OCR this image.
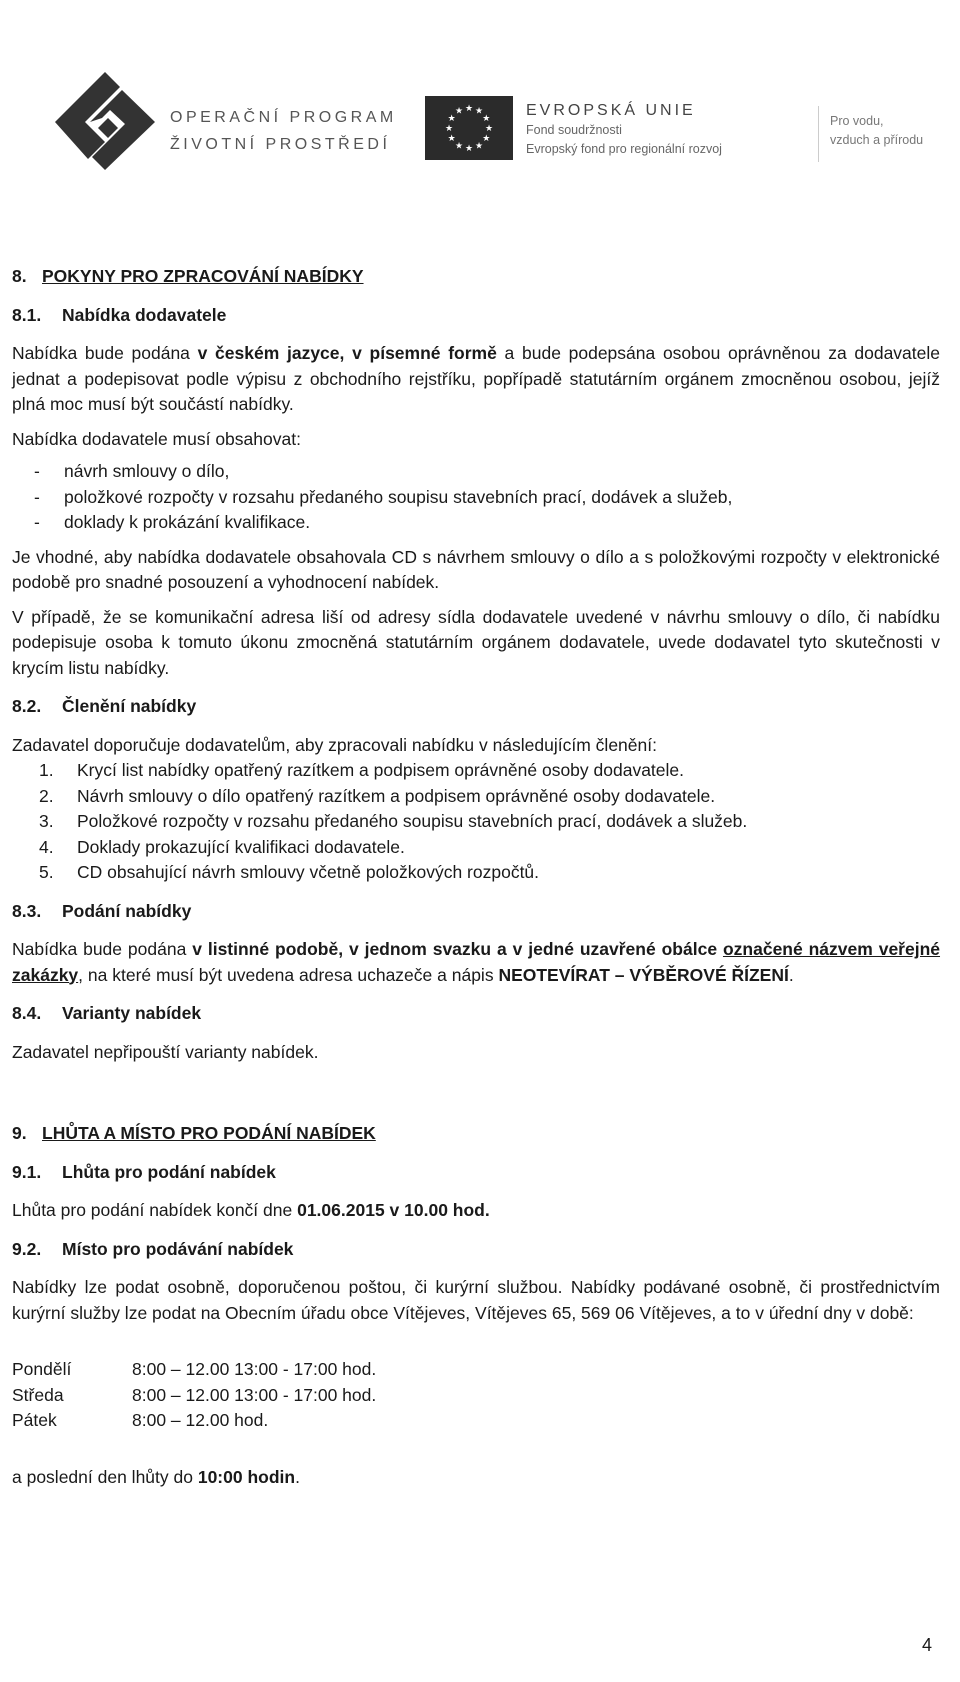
OPERAČNÍ PROGRAM
ŽIVOTNÍ PROSTŘEDÍ
★ ★
★
★
★
★
★
★
★
★
★
★	EVROPSKÁ UNIE
Fond soudržnosti
Evropský fond pro regionální rozvoj
Pro vodu,
vzduch a přírodu
8. POKYNY PRO ZPRACOVÁNÍ NABÍDKY
8.1. Nabídka dodavatele

Nabídka bude podána v českém jazyce, v písemné formě a bude podepsána osobou oprávněnou za dodavatele jednat a podepisovat podle výpisu z obchodního rejstříku, popřípadě statutárním orgánem zmocněnou osobou, jejíž plná moc musí být součástí nabídky.

Nabídka dodavatele musí obsahovat:

- návrh smlouvy o dílo,
- položkové rozpočty v rozsahu předaného soupisu stavebních prací, dodávek a služeb,
- doklady k prokázání kvalifikace.

Je vhodné, aby nabídka dodavatele obsahovala CD s návrhem smlouvy o dílo a s položkovými rozpočty v elektronické podobě pro snadné posouzení a vyhodnocení nabídek.

V případě, že se komunikační adresa liší od adresy sídla dodavatele uvedené v návrhu smlouvy o dílo, či nabídku podepisuje osoba k tomuto úkonu zmocněná statutárním orgánem dodavatele, uvede dodavatel tyto skutečnosti v krycím listu nabídky.

8.2. Členění nabídky

Zadavatel doporučuje dodavatelům, aby zpracovali nabídku v následujícím členění:

1. Krycí list nabídky opatřený razítkem a podpisem oprávněné osoby dodavatele.
2. Návrh smlouvy o dílo opatřený razítkem a podpisem oprávněné osoby dodavatele.
3. Položkové rozpočty v rozsahu předaného soupisu stavebních prací, dodávek a služeb.
4. Doklady prokazující kvalifikaci dodavatele.
5. CD obsahující návrh smlouvy včetně položkových rozpočtů.
8.3. Podání nabídky

Nabídka bude podána v listinné podobě, v jednom svazku a v jedné uzavřené obálce označené názvem veřejné zakázky, na které musí být uvedena adresa uchazeče a nápis NEOTEVÍRAT – VÝBĚROVÉ ŘÍZENÍ.

8.4. Varianty nabídek

Zadavatel nepřipouští varianty nabídek.

9. LHŮTA A MÍSTO PRO PODÁNÍ NABÍDEK
9.1. Lhůta pro podání nabídek

Lhůta pro podání nabídek končí dne 01.06.2015 v 10.00 hod.

9.2. Místo pro podávání nabídek

Nabídky lze podat osobně, doporučenou poštou, či kurýrní službou. Nabídky podávané osobně, či prostřednictvím kurýrní služby lze podat na Obecním úřadu obce Vítějeves, Vítějeves 65, 569 06 Vítějeves, a to v úřední dny v době:

Pondělí	8:00 – 12.00 13:00 - 17:00 hod.
Středa	8:00 – 12.00 13:00 - 17:00 hod.
Pátek	8:00 – 12.00 hod.

a poslední den lhůty do 10:00 hodin.

4
